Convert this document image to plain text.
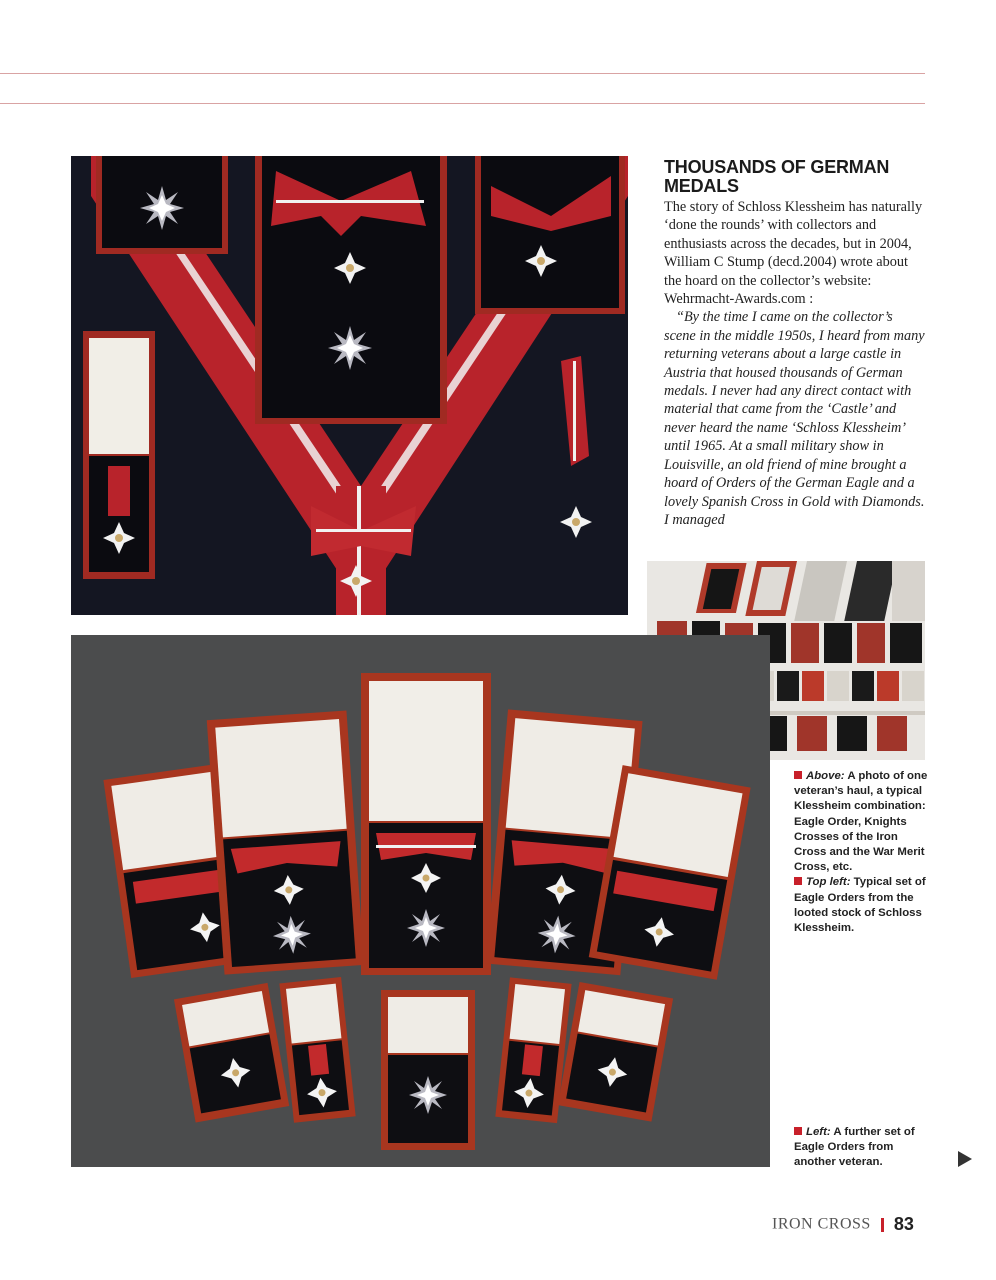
THOUSANDS OF GERMAN MEDALS

The story of Schloss Klessheim has naturally ‘done the rounds’ with collectors and enthusiasts across the decades, but in 2004, William C Stump (decd.2004) wrote about the hoard on the collector’s website: Wehrmacht-Awards.com :

“By the time I came on the collector’s scene in the middle 1950s, I heard from many returning veterans about a large castle in Austria that housed thousands of German medals. I never had any direct contact with material that came from the ‘Castle’ and never heard the name ‘Schloss Klessheim’ until 1965. At a small military show in Louisville, an old friend of mine brought a hoard of Orders of the German Eagle and a lovely Spanish Cross in Gold with Diamonds. I managed

Above: A photo of one veteran’s haul, a typical Klessheim combination: Eagle Order, Knights Crosses of the Iron Cross and the War Merit Cross, etc.

Top left: Typical set of Eagle Orders from the looted stock of Schloss Klessheim.

Left: A further set of Eagle Orders from another veteran.

IRON CROSS 83
